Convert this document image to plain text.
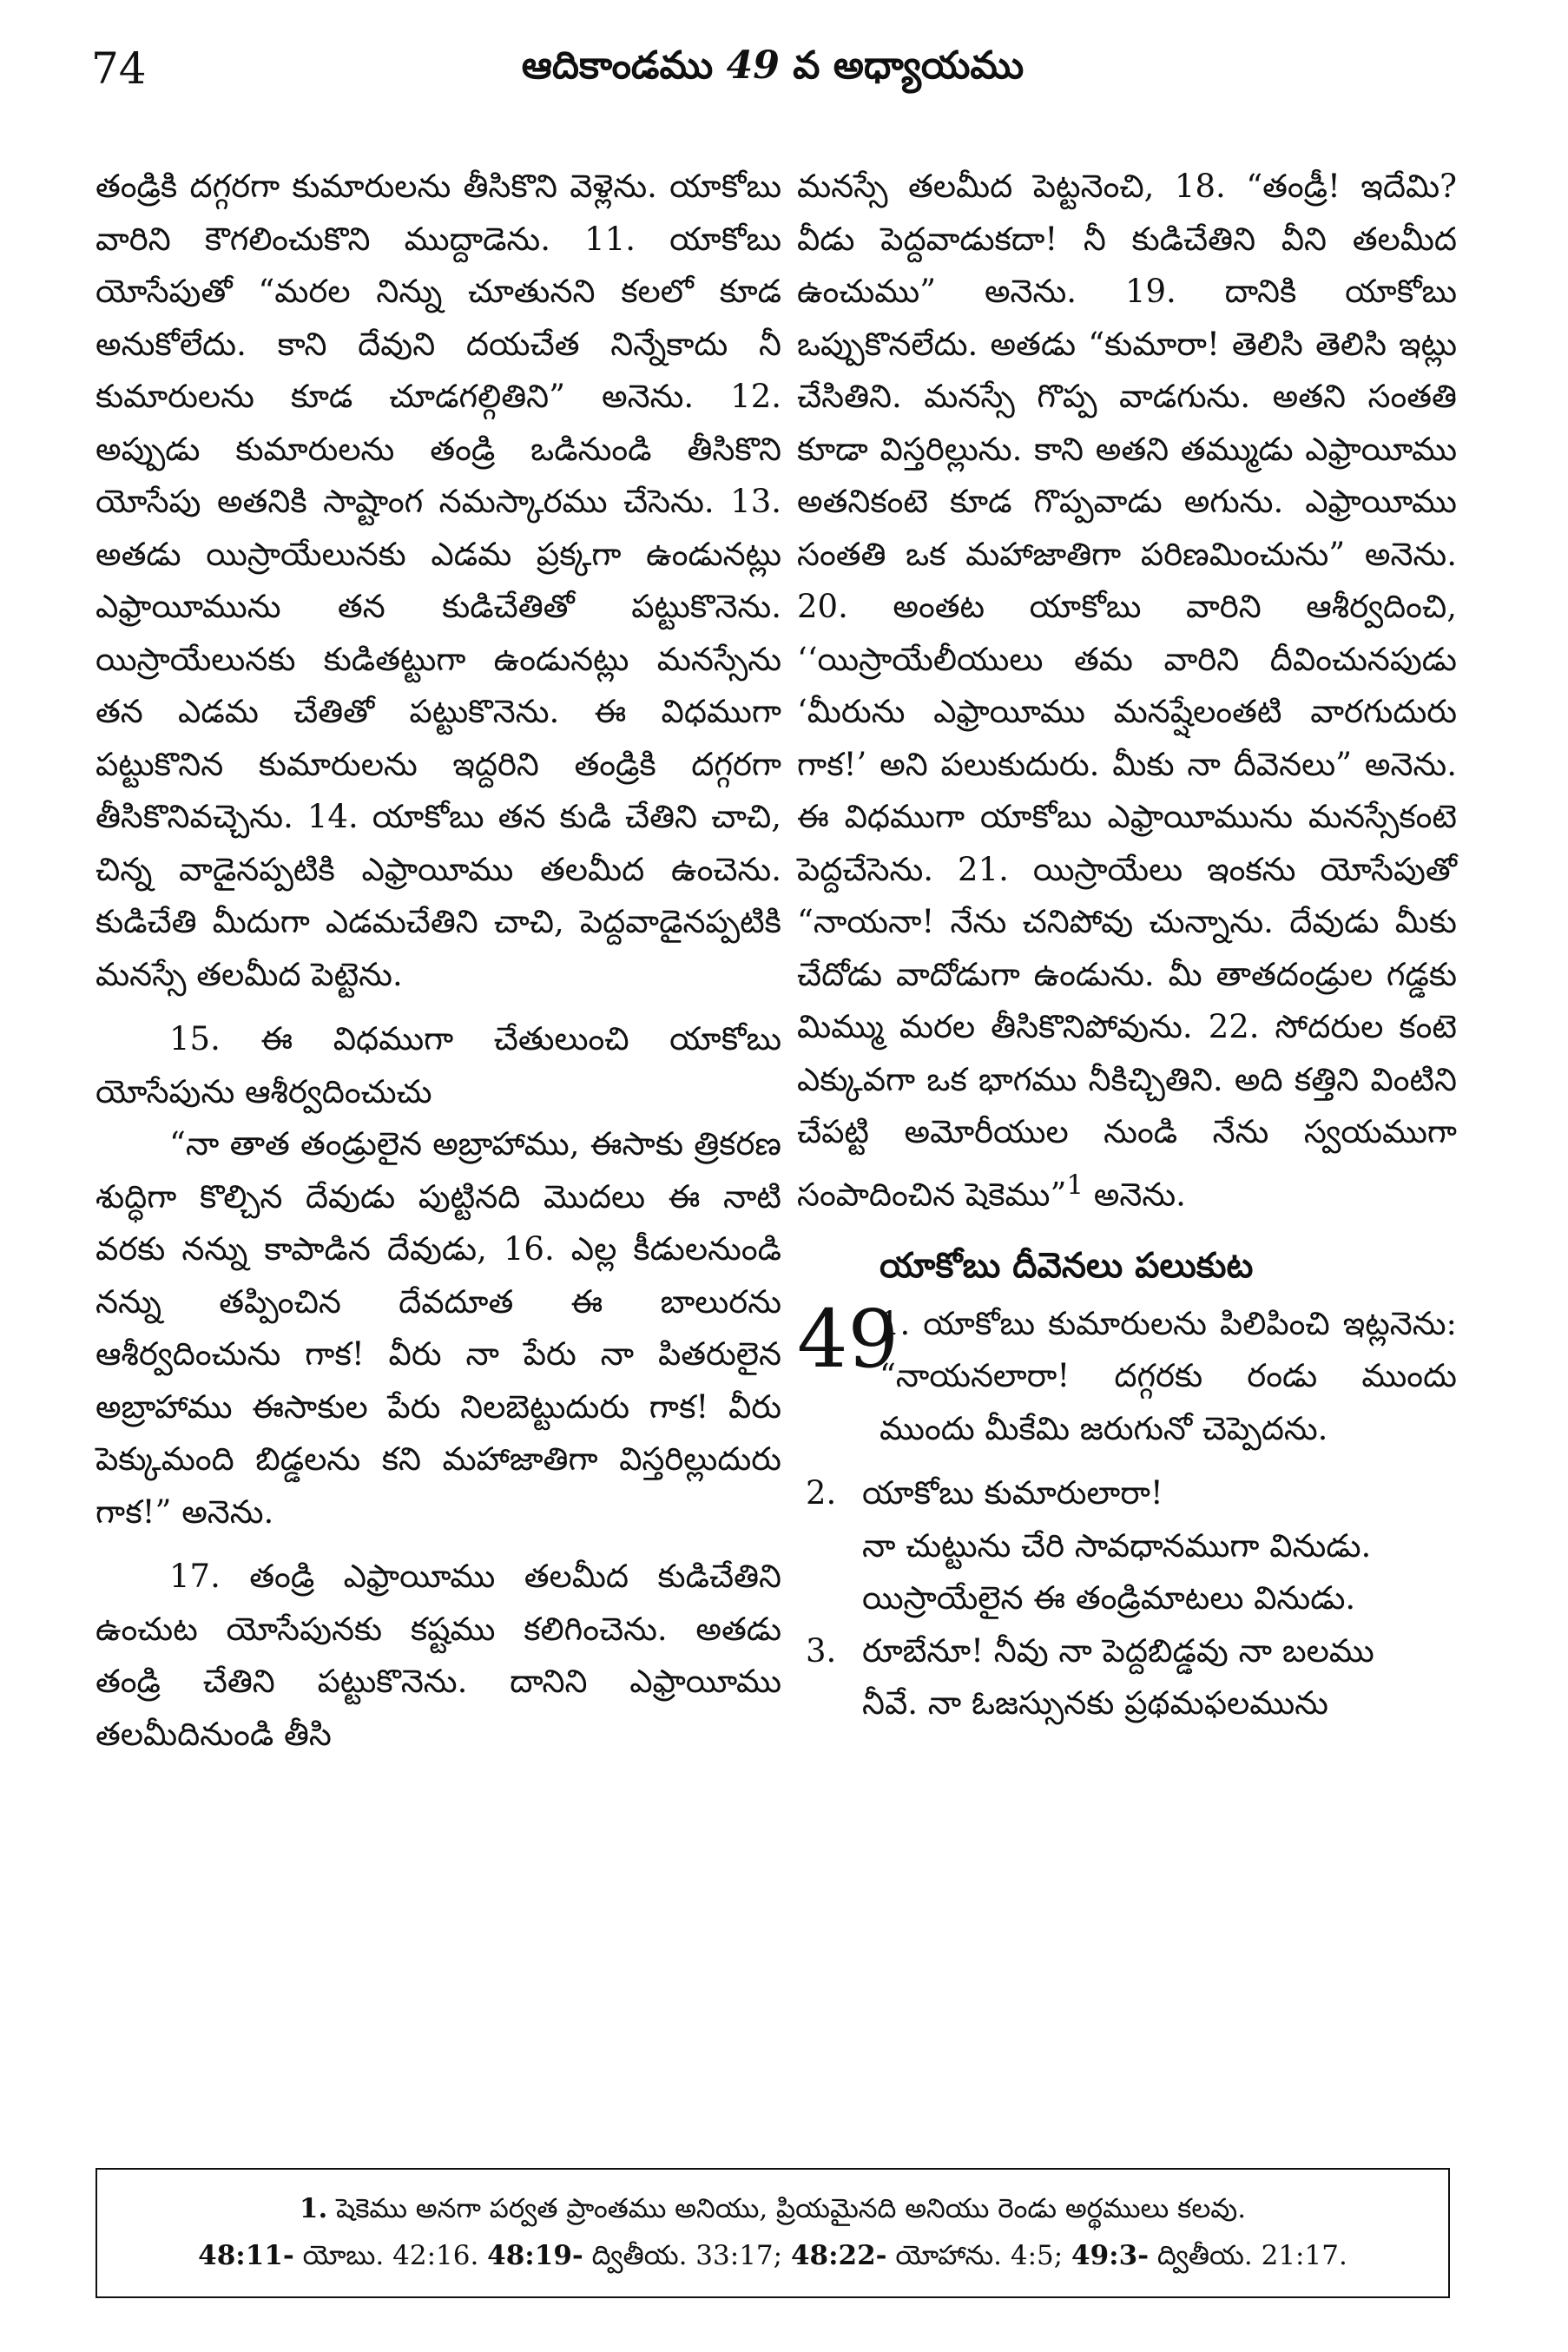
74	ఆదికాండము 49 వ అధ్యాయము

తండ్రికి దగ్గరగా కుమారులను తీసికొని వెళ్లెను. యాకోబు వారిని కౌగలించుకొని ముద్దాడెను. 11. యాకోబు యోసేపుతో “మరల నిన్ను చూతునని కలలో కూడ అనుకోలేదు. కాని దేవుని దయచేత నిన్నేకాదు నీ కుమారులను కూడ చూడగల్గితిని” అనెను. 12. అప్పుడు కుమారులను తండ్రి ఒడినుండి తీసికొని యోసేపు అతనికి సాష్టాంగ నమస్కారము చేసెను. 13. అతడు యిస్రాయేలునకు ఎడమ ప్రక్కగా ఉండునట్లు ఎఫ్రాయీమును తన కుడిచేతితో పట్టుకొనెను. యిస్రాయేలునకు కుడితట్టుగా ఉండునట్లు మనస్సేను తన ఎడమ చేతితో పట్టుకొనెను. ఈ విధముగా పట్టుకొనిన కుమారులను ఇద్దరిని తండ్రికి దగ్గరగా తీసికొనివచ్చెను. 14. యాకోబు తన కుడి చేతిని చాచి, చిన్న వాడైనప్పటికి ఎఫ్రాయీము తలమీద ఉంచెను. కుడిచేతి మీదుగా ఎడమచేతిని చాచి, పెద్దవాడైనప్పటికి మనస్సే తలమీద పెట్టెను.

15. ఈ విధముగా చేతులుంచి యాకోబు యోసేపును ఆశీర్వదించుచు

“నా తాత తండ్రులైన అబ్రాహాము, ఈసాకు త్రికరణ శుద్ధిగా కొల్చిన దేవుడు పుట్టినది మొదలు ఈ నాటి వరకు నన్ను కాపాడిన దేవుడు, 16. ఎల్ల కీడులనుండి నన్ను తప్పించిన దేవదూత ఈ బాలురను ఆశీర్వదించును గాక! వీరు నా పేరు నా పితరులైన అబ్రాహాము ఈసాకుల పేరు నిలబెట్టుదురు గాక! వీరు పెక్కుమంది బిడ్డలను కని మహాజాతిగా విస్తరిల్లుదురు గాక!” అనెను.

17. తండ్రి ఎఫ్రాయీము తలమీద కుడిచేతిని ఉంచుట యోసేపునకు కష్టము కలిగించెను. అతడు తండ్రి చేతిని పట్టుకొనెను. దానిని ఎఫ్రాయీము తలమీదినుండి తీసి

మనస్సే తలమీద పెట్టనెంచి, 18. “తండ్రీ! ఇదేమి? వీడు పెద్దవాడుకదా! నీ కుడిచేతిని వీని తలమీద ఉంచుము” అనెను. 19. దానికి యాకోబు ఒప్పుకొనలేదు. అతడు “కుమారా! తెలిసి తెలిసి ఇట్లు చేసితిని. మనస్సే గొప్ప వాడగును. అతని సంతతి కూడా విస్తరిల్లును. కాని అతని తమ్ముడు ఎఫ్రాయీము అతనికంటె కూడ గొప్పవాడు అగును. ఎఫ్రాయీము సంతతి ఒక మహాజాతిగా పరిణమించును” అనెను. 20. అంతట యాకోబు వారిని ఆశీర్వదించి, ‘‘యిస్రాయేలీయులు తమ వారిని దీవించునపుడు ‘మీరును ఎఫ్రాయీము మనష్షేలంతటి వారగుదురు గాక!’ అని పలుకుదురు. మీకు నా దీవెనలు” అనెను. ఈ విధముగా యాకోబు ఎఫ్రాయీమును మనస్సేకంటె పెద్దచేసెను. 21. యిస్రాయేలు ఇంకను యోసేపుతో “నాయనా! నేను చనిపోవు చున్నాను. దేవుడు మీకు చేదోడు వాదోడుగా ఉండును. మీ తాతదండ్రుల గడ్డకు మిమ్ము మరల తీసికొనిపోవును. 22. సోదరుల కంటె ఎక్కువగా ఒక భాగము నీకిచ్చితిని. అది కత్తిని వింటిని చేపట్టి అమోరీయుల నుండి నేను స్వయముగా సంపాదించిన షెకెము”$^1$ అనెను.

యాకోబు దీవెనలు పలుకుట

49
1. యాకోబు కుమారులను పిలిపించి ఇట్లనెను: “నాయనలారా! దగ్గరకు రండు ముందు ముందు మీకేమి జరుగునో చెప్పెదను.

2. యాకోబు కుమారులారా!
నా చుట్టును చేరి సావధానముగా వినుడు.
యిస్రాయేలైన ఈ తండ్రిమాటలు వినుడు.
3. రూబేనూ! నీవు నా పెద్దబిడ్డవు నా బలము
నీవే. నా ఓజస్సునకు ప్రథమఫలమును

1. షెకెము అనగా పర్వత ప్రాంతము అనియు, ప్రియమైనది అనియు రెండు అర్థములు కలవు.

48:11- యోబు. 42:16. 48:19- ద్వితీయ. 33:17; 48:22- యోహాను. 4:5; 49:3- ద్వితీయ. 21:17.
